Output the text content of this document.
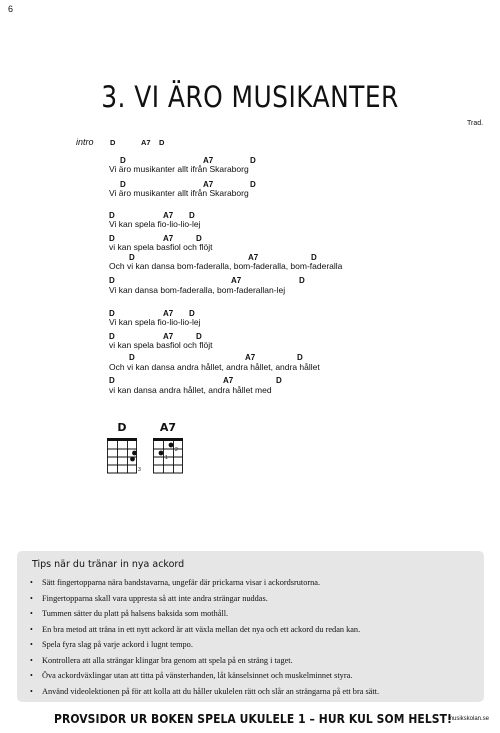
6
3. VI ÄRO MUSIKANTER
Trad.
intro D	A7 D
D	A7	D
Vi äro musikanter allt ifrån Skaraborg
D	A7	D
Vi äro musikanter allt ifrån Skaraborg
D	A7 D
Vi kan spela fio-lio-lio-lej
D	A7	D
vi kan spela basfiol och flöjt
D	A7	D
Och vi kan dansa bom-faderalla, bom-faderalla, bom-faderalla
D	A7	D
Vi kan dansa bom-faderalla, bom-faderallan-lej
D	A7 D
Vi kan spela fio-lio-lio-lej
D	A7	D
vi kan spela basfiol och flöjt
D	A7	D
Och vi kan dansa andra hållet, andra hållet, andra hållet
D	A7	D
vi kan dansa andra hållet, andra hållet med
D
3
A7
2
1
Tips när du tränar in nya ackord
• Sätt fingertopparna nära bandstavarna, ungefär där prickarna visar i ackordsrutorna.
• Fingertopparna skall vara uppresta så att inte andra strängar nuddas.
• Tummen sätter du platt på halsens baksida som mothåll.
• En bra metod att träna in ett nytt ackord är att växla mellan det nya och ett ackord du redan kan.
• Spela fyra slag på varje ackord i lugnt tempo.
• Kontrollera att alla strängar klingar bra genom att spela på en sträng i taget.
• Öva ackordväxlingar utan att titta på vänsterhanden, låt känselsinnet och muskelminnet styra.
• Använd videolektionen på för att kolla att du håller ukulelen rätt och slår an strängarna på ett bra sätt.
PROVSIDOR UR BOKEN SPELA UKULELE 1 – HUR KUL SOM HELST!
musikskolan.se
